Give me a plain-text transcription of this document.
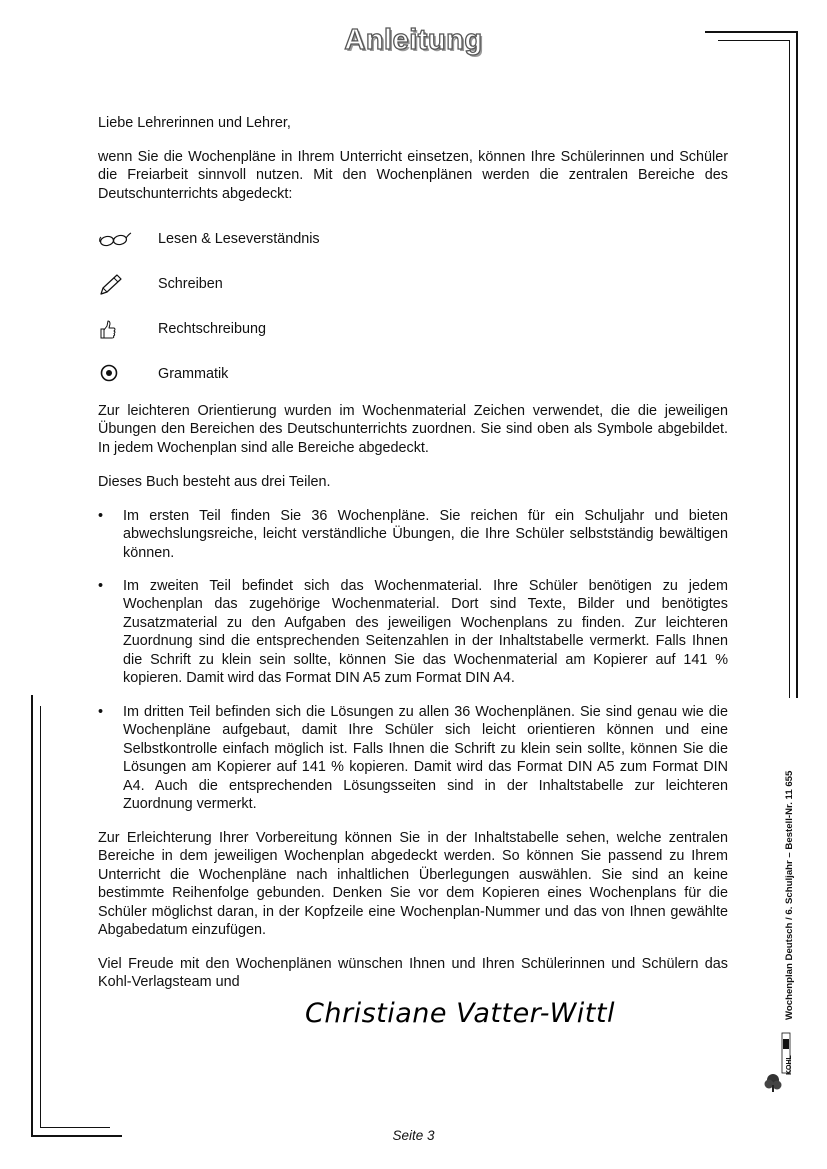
Anleitung
Liebe Lehrerinnen und Lehrer,
wenn Sie die Wochenpläne in Ihrem Unterricht einsetzen, können Ihre Schülerinnen und Schüler die Freiarbeit sinnvoll nutzen. Mit den Wochenplänen werden die zentralen Bereiche des Deutschunterrichts abgedeckt:
Lesen & Leseverständnis
Schreiben
Rechtschreibung
Grammatik
Zur leichteren Orientierung wurden im Wochenmaterial Zeichen verwendet, die die jeweiligen Übungen den Bereichen des Deutschunterrichts zuordnen. Sie sind oben als Symbole abgebildet. In jedem Wochenplan sind alle Bereiche abgedeckt.
Dieses Buch besteht aus drei Teilen.
• Im ersten Teil finden Sie 36 Wochenpläne. Sie reichen für ein Schuljahr und bieten abwechslungsreiche, leicht verständliche Übungen, die Ihre Schüler selbstständig bewältigen können.
• Im zweiten Teil befindet sich das Wochenmaterial. Ihre Schüler benötigen zu jedem Wochenplan das zugehörige Wochenmaterial. Dort sind Texte, Bilder und benötigtes Zusatzmaterial zu den Aufgaben des jeweiligen Wochenplans zu finden. Zur leichteren Zuordnung sind die entsprechenden Seitenzahlen in der Inhaltstabelle vermerkt. Falls Ihnen die Schrift zu klein sein sollte, können Sie das Wochenmaterial am Kopierer auf 141 % kopieren. Damit wird das Format DIN A5 zum Format DIN A4.
• Im dritten Teil befinden sich die Lösungen zu allen 36 Wochenplänen. Sie sind genau wie die Wochenpläne aufgebaut, damit Ihre Schüler sich leicht orientieren können und eine Selbstkontrolle einfach möglich ist. Falls Ihnen die Schrift zu klein sein sollte, können Sie die Lösungen am Kopierer auf 141 % kopieren. Damit wird das Format DIN A5 zum Format DIN A4. Auch die entsprechenden Lösungsseiten sind in der Inhaltstabelle zur leichteren Zuordnung vermerkt.
Zur Erleichterung Ihrer Vorbereitung können Sie in der Inhaltstabelle sehen, welche zentralen Bereiche in dem jeweiligen Wochenplan abgedeckt werden. So können Sie passend zu Ihrem Unterricht die Wochenpläne nach inhaltlichen Überlegungen auswählen. Sie sind an keine bestimmte Reihenfolge gebunden. Denken Sie vor dem Kopieren eines Wochenplans für die Schüler möglichst daran, in der Kopfzeile eine Wochenplan-Nummer und das von Ihnen gewählte Abgabedatum einzufügen.
Viel Freude mit den Wochenplänen wünschen Ihnen und Ihren Schülerinnen und Schülern das Kohl-Verlagsteam und
Christiane Vatter-Wittl	Wochenplan Deutsch / 6. Schuljahr – Bestell-Nr. 11 655
KOHL
Seite 3
